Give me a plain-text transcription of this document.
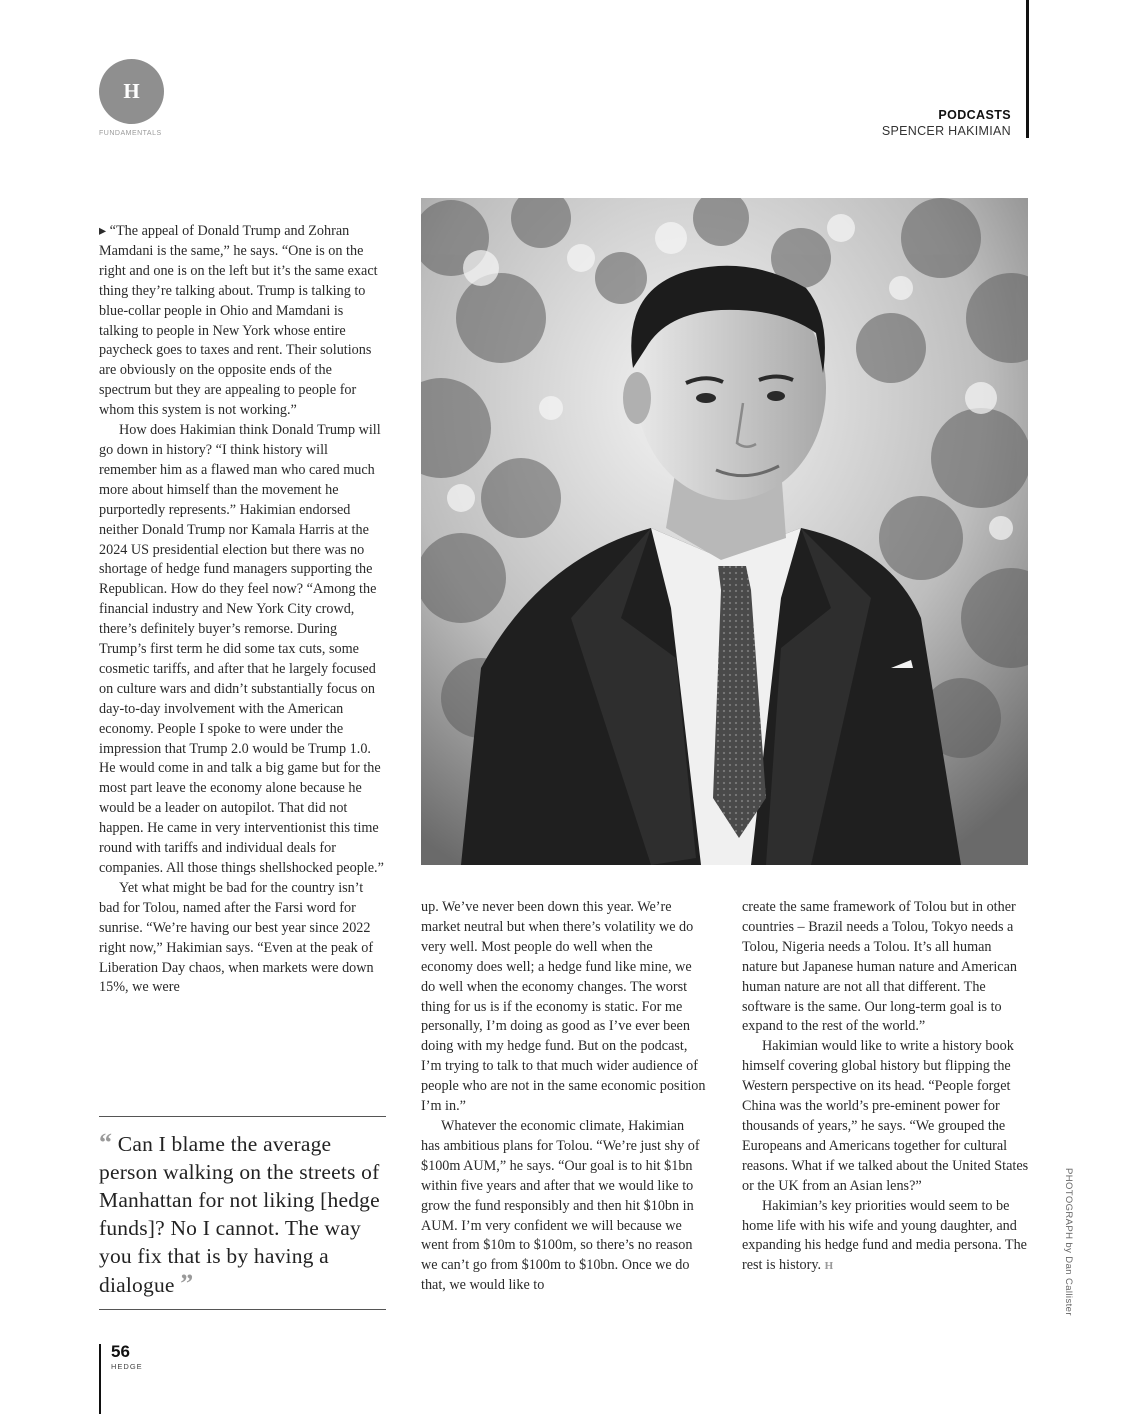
H
FUNDAMENTALS
PODCASTS
SPENCER HAKIMIAN

▸ “The appeal of Donald Trump and Zohran Mamdani is the same,” he says. “One is on the right and one is on the left but it’s the same exact thing they’re talking about. Trump is talking to blue-collar people in Ohio and Mamdani is talking to people in New York whose entire paycheck goes to taxes and rent. Their solutions are obviously on the opposite ends of the spectrum but they are appealing to people for whom this system is not working.”

How does Hakimian think Donald Trump will go down in history? “I think history will remember him as a flawed man who cared much more about himself than the movement he purportedly represents.” Hakimian endorsed neither Donald Trump nor Kamala Harris at the 2024 US presidential election but there was no shortage of hedge fund managers supporting the Republican. How do they feel now? “Among the financial industry and New York City crowd, there’s definitely buyer’s remorse. During Trump’s first term he did some tax cuts, some cosmetic tariffs, and after that he largely focused on culture wars and didn’t substantially focus on day-to-day involvement with the American economy. People I spoke to were under the impression that Trump 2.0 would be Trump 1.0. He would come in and talk a big game but for the most part leave the economy alone because he would be a leader on autopilot. That did not happen. He came in very interventionist this time round with tariffs and individual deals for companies. All those things shellshocked people.”

Yet what might be bad for the country isn’t bad for Tolou, named after the Farsi word for sunrise. “We’re having our best year since 2022 right now,” Hakimian says. “Even at the peak of Liberation Day chaos, when markets were down 15%, we were

up. We’ve never been down this year. We’re market neutral but when there’s volatility we do very well. Most people do well when the economy does well; a hedge fund like mine, we do well when the economy changes. The worst thing for us is if the economy is static. For me personally, I’m doing as good as I’ve ever been doing with my hedge fund. But on the podcast, I’m trying to talk to that much wider audience of people who are not in the same economic position I’m in.”

Whatever the economic climate, Hakimian has ambitious plans for Tolou. “We’re just shy of $100m AUM,” he says. “Our goal is to hit $1bn within five years and after that we would like to grow the fund responsibly and then hit $10bn in AUM. I’m very confident we will because we went from $10m to $100m, so there’s no reason we can’t go from $100m to $10bn. Once we do that, we would like to

create the same framework of Tolou but in other countries – Brazil needs a Tolou, Tokyo needs a Tolou, Nigeria needs a Tolou. It’s all human nature but Japanese human nature and American human nature are not all that different. The software is the same. Our long-term goal is to expand to the rest of the world.”

Hakimian would like to write a history book himself covering global history but flipping the Western perspective on its head. “People forget China was the world’s pre-eminent power for thousands of years,” he says. “We grouped the Europeans and Americans together for cultural reasons. What if we talked about the United States or the UK from an Asian lens?”

Hakimian’s key priorities would seem to be home life with his wife and young daughter, and expanding his hedge fund and media persona. The rest is history. H

“ Can I blame the average person walking on the streets of Manhattan for not liking [hedge funds]? No I cannot. The way you fix that is by having a dialogue ”	PHOTOGRAPH by Dan Callister
56
HEDGE
